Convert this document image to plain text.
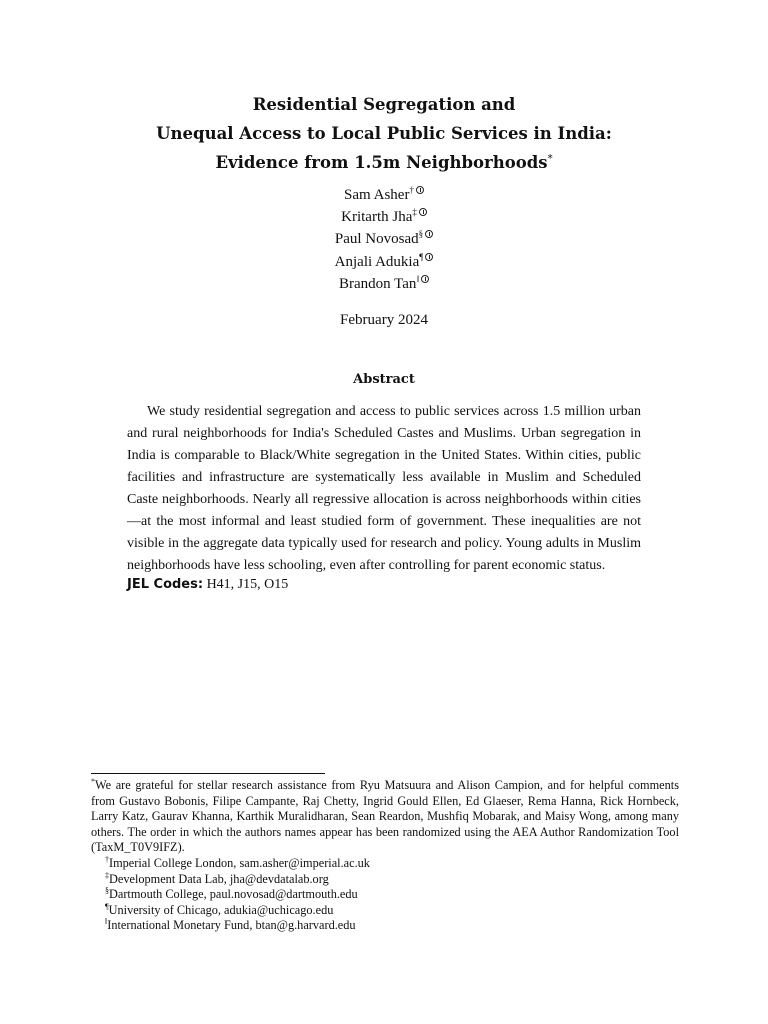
Residential Segregation and
Unequal Access to Local Public Services in India:
Evidence from 1.5m Neighborhoods*
Sam Asher†
Kritarth Jha‡
Paul Novosad§
Anjali Adukia¶
Brandon Tan‖
February 2024
Abstract

We study residential segregation and access to public services across 1.5 million urban and rural neighborhoods for India's Scheduled Castes and Muslims. Urban segregation in India is comparable to Black/White segregation in the United States. Within cities, public facilities and infrastructure are systematically less available in Muslim and Scheduled Caste neighborhoods. Nearly all regressive allocation is across neighborhoods within cities—at the most informal and least studied form of government. These inequalities are not visible in the aggregate data typically used for research and policy. Young adults in Muslim neighborhoods have less schooling, even after controlling for parent economic status.

JEL Codes: H41, J15, O15

*We are grateful for stellar research assistance from Ryu Matsuura and Alison Campion, and for helpful comments from Gustavo Bobonis, Filipe Campante, Raj Chetty, Ingrid Gould Ellen, Ed Glaeser, Rema Hanna, Rick Hornbeck, Larry Katz, Gaurav Khanna, Karthik Muralidharan, Sean Reardon, Mushfiq Mobarak, and Maisy Wong, among many others. The order in which the authors names appear has been randomized using the AEA Author Randomization Tool (TaxM_T0V9IFZ).

†Imperial College London, sam.asher@imperial.ac.uk

‡Development Data Lab, jha@devdatalab.org

§Dartmouth College, paul.novosad@dartmouth.edu

¶University of Chicago, adukia@uchicago.edu

‖International Monetary Fund, btan@g.harvard.edu
